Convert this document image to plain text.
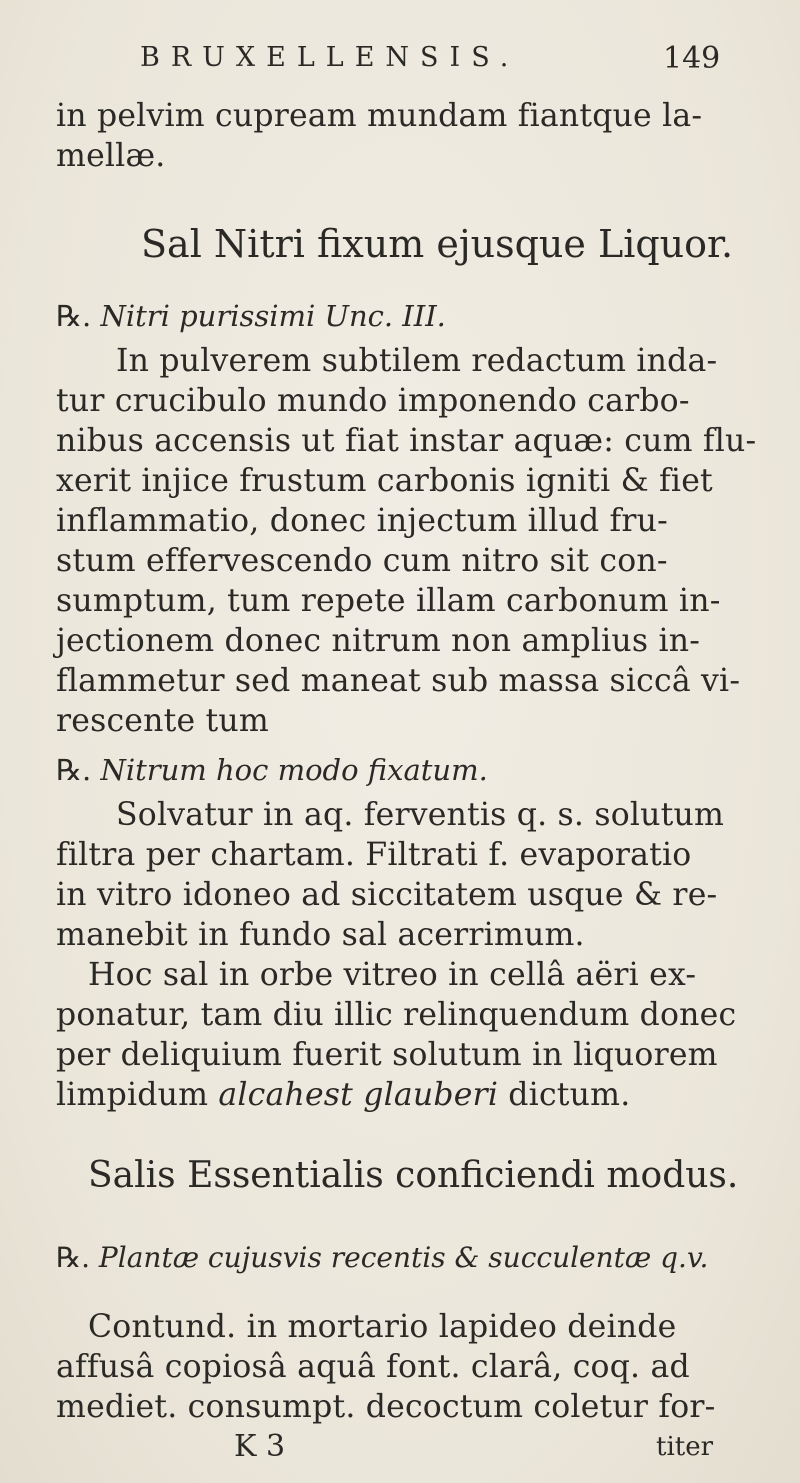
BRUXELLENSIS.	149
in pelvim cupream mundam fiantque la-
mellæ.
Sal Nitri fixum ejusque Liquor.
℞. Nitri purissimi Unc. III.
In pulverem subtilem redactum inda-
tur crucibulo mundo imponendo carbo-
nibus accensis ut fiat instar aquæ: cum flu-
xerit injice frustum carbonis igniti & fiet
inflammatio, donec injectum illud fru-
stum effervescendo cum nitro sit con-
sumptum, tum repete illam carbonum in-
jectionem donec nitrum non amplius in-
flammetur sed maneat sub massa siccâ vi-
rescente tum
℞. Nitrum hoc modo fixatum.
Solvatur in aq. ferventis q. s. solutum
filtra per chartam. Filtrati f. evaporatio
in vitro idoneo ad siccitatem usque & re-
manebit in fundo sal acerrimum.
Hoc sal in orbe vitreo in cellâ aëri ex-
ponatur, tam diu illic relinquendum donec
per deliquium fuerit solutum in liquorem
limpidum alcahest glauberi dictum.
Salis Essentialis conficiendi modus.
℞. Plantæ cujusvis recentis & succulentæ q.v.
Contund. in mortario lapideo deinde
affusâ copiosâ aquâ font. clarâ, coq. ad
mediet. consumpt. decoctum coletur for-
K 3	titer
